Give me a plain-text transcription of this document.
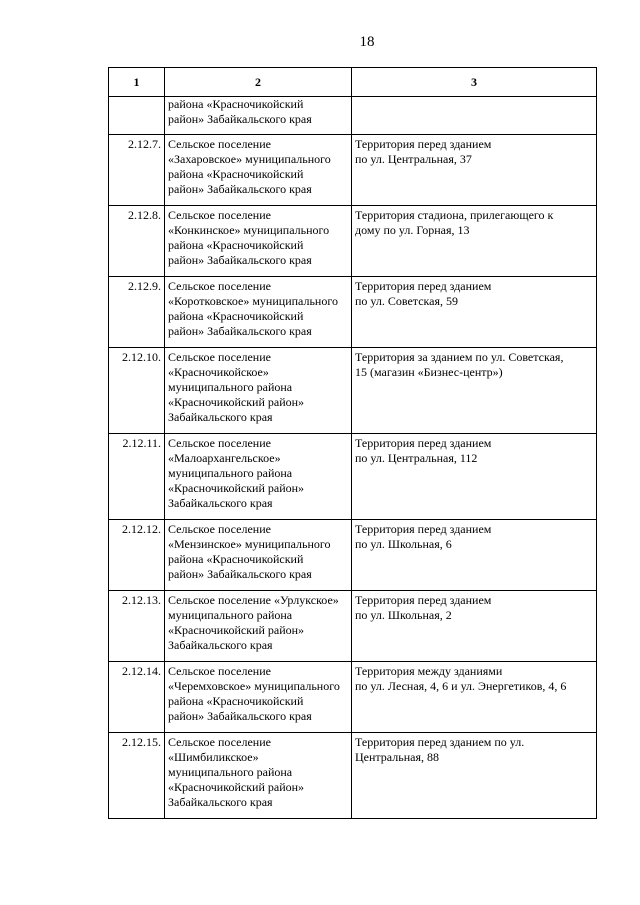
18
1	2	3
	района «Красночикойский
район» Забайкальского края	
2.12.7.	Сельское поселение
«Захаровское» муниципального
района «Красночикойский
район» Забайкальского края	Территория перед зданием
по ул. Центральная, 37
2.12.8.	Сельское поселение
«Конкинское» муниципального
района «Красночикойский
район» Забайкальского края	Территория стадиона, прилегающего к
дому по ул. Горная, 13
2.12.9.	Сельское поселение
«Коротковское» муниципального
района «Красночикойский
район» Забайкальского края	Территория перед зданием
по ул. Советская, 59
2.12.10.	Сельское поселение
«Красночикойское»
муниципального района
«Красночикойский район»
Забайкальского края	Территория за зданием по ул. Советская,
15 (магазин «Бизнес-центр»)
2.12.11.	Сельское поселение
«Малоархангельское»
муниципального района
«Красночикойский район»
Забайкальского края	Территория перед зданием
по ул. Центральная, 112
2.12.12.	Сельское поселение
«Мензинское» муниципального
района «Красночикойский
район» Забайкальского края	Территория перед зданием
по ул. Школьная, 6
2.12.13.	Сельское поселение «Урлукское»
муниципального района
«Красночикойский район»
Забайкальского края	Территория перед зданием
по ул. Школьная, 2
2.12.14.	Сельское поселение
«Черемховское» муниципального
района «Красночикойский
район» Забайкальского края	Территория между зданиями
по ул. Лесная, 4, 6 и ул. Энергетиков, 4, 6
2.12.15.	Сельское поселение
«Шимбиликское»
муниципального района
«Красночикойский район»
Забайкальского края	Территория перед зданием по ул.
Центральная, 88
